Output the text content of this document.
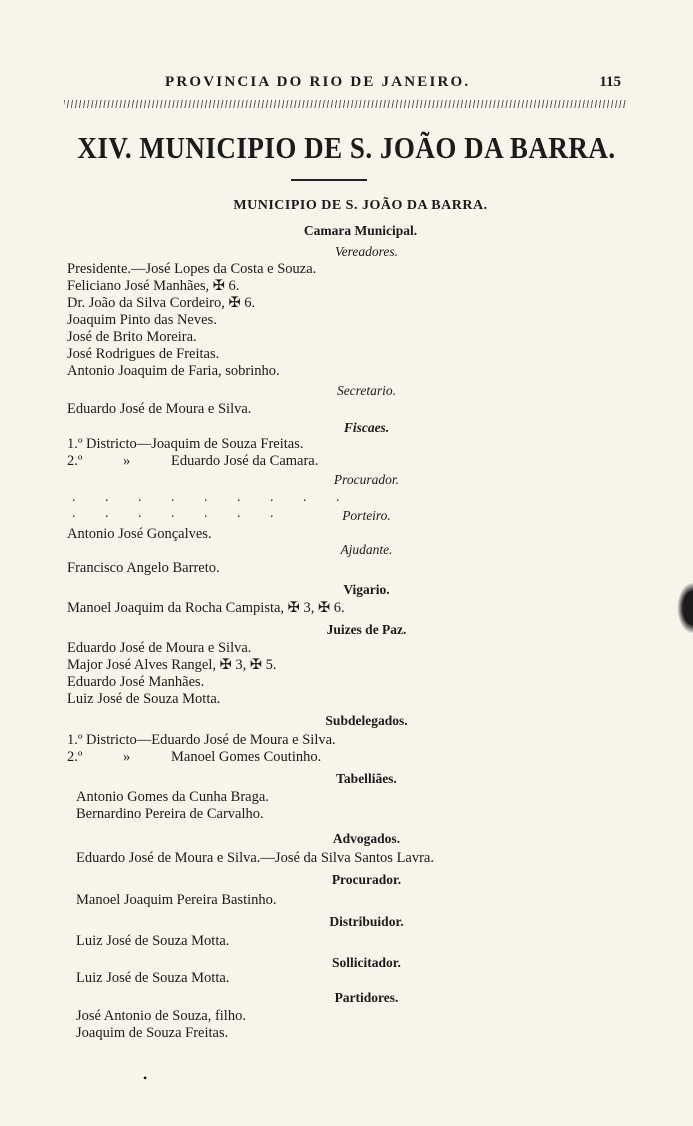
PROVINCIA DO RIO DE JANEIRO.	115
XIV. MUNICIPIO DE S. JOÃO DA BARRA.
MUNICIPIO DE S. JOÃO DA BARRA.
Camara Municipal.
Vereadores.
Presidente.—José Lopes da Costa e Souza.
Feliciano José Manhães, ✠ 6.
Dr. João da Silva Cordeiro, ✠ 6.
Joaquim Pinto das Neves.
José de Brito Moreira.
José Rodrigues de Freitas.
Antonio Joaquim de Faria, sobrinho.
Secretario.
Eduardo José de Moura e Silva.
Fiscaes.
1.º Districto—Joaquim de Souza Freitas.
2.º	»	Eduardo José da Camara.
Procurador.
. . . . . . . . . . . . . . . .	Porteiro.
Antonio José Gonçalves.
Ajudante.
Francisco Angelo Barreto.
Vigario.
Manoel Joaquim da Rocha Campista, ✠ 3, ✠ 6.
Juizes de Paz.
Eduardo José de Moura e Silva.
Major José Alves Rangel, ✠ 3, ✠ 5.
Eduardo José Manhães.
Luiz José de Souza Motta.
Subdelegados.
1.º Districto—Eduardo José de Moura e Silva.
2.º	»	Manoel Gomes Coutinho.
Tabelliães.
Antonio Gomes da Cunha Braga.
Bernardino Pereira de Carvalho.
Advogados.
Eduardo José de Moura e Silva.—José da Silva Santos Lavra.
Procurador.
Manoel Joaquim Pereira Bastinho.
Distribuidor.
Luiz José de Souza Motta.
Sollicitador.
Luiz José de Souza Motta.
Partidores.
José Antonio de Souza, filho.
Joaquim de Souza Freitas.
•
